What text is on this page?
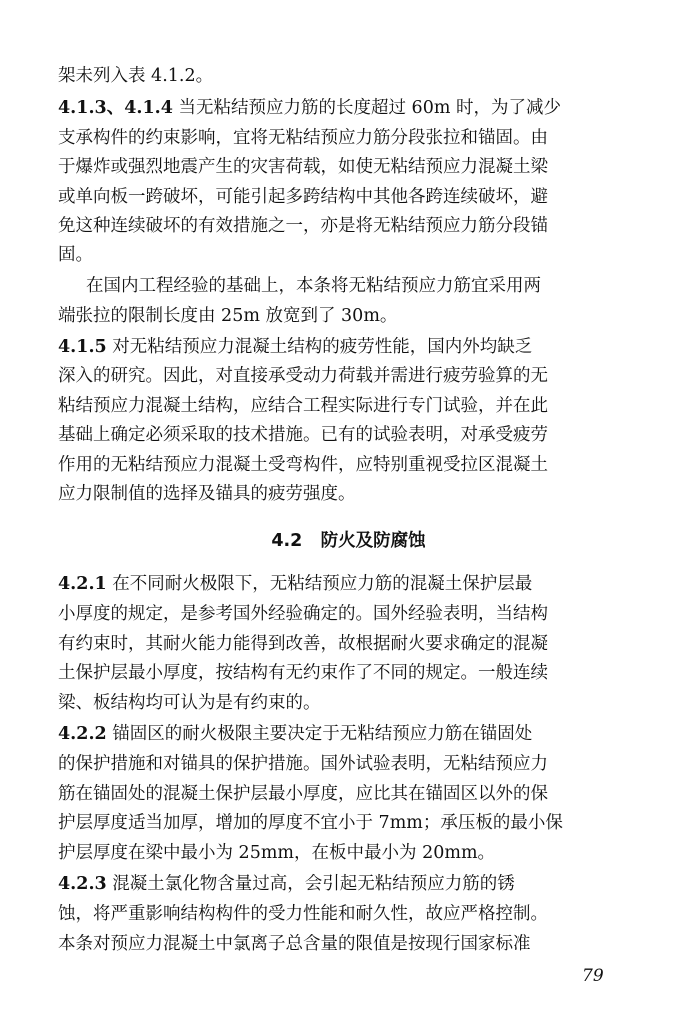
架未列入表 4.1.2。
4.1.3、4.1.4 当无粘结预应力筋的长度超过 60m 时，为了减少
支承构件的约束影响，宜将无粘结预应力筋分段张拉和锚固。由
于爆炸或强烈地震产生的灾害荷载，如使无粘结预应力混凝土梁
或单向板一跨破坏，可能引起多跨结构中其他各跨连续破坏，避
免这种连续破坏的有效措施之一，亦是将无粘结预应力筋分段锚
固。
在国内工程经验的基础上，本条将无粘结预应力筋宜采用两
端张拉的限制长度由 25m 放宽到了 30m。
4.1.5 对无粘结预应力混凝土结构的疲劳性能，国内外均缺乏
深入的研究。因此，对直接承受动力荷载并需进行疲劳验算的无
粘结预应力混凝土结构，应结合工程实际进行专门试验，并在此
基础上确定必须采取的技术措施。已有的试验表明，对承受疲劳
作用的无粘结预应力混凝土受弯构件，应特别重视受拉区混凝土
应力限制值的选择及锚具的疲劳强度。
4.2 防火及防腐蚀
4.2.1 在不同耐火极限下，无粘结预应力筋的混凝土保护层最
小厚度的规定，是参考国外经验确定的。国外经验表明，当结构
有约束时，其耐火能力能得到改善，故根据耐火要求确定的混凝
土保护层最小厚度，按结构有无约束作了不同的规定。一般连续
梁、板结构均可认为是有约束的。
4.2.2 锚固区的耐火极限主要决定于无粘结预应力筋在锚固处
的保护措施和对锚具的保护措施。国外试验表明，无粘结预应力
筋在锚固处的混凝土保护层最小厚度，应比其在锚固区以外的保
护层厚度适当加厚，增加的厚度不宜小于 7mm；承压板的最小保
护层厚度在梁中最小为 25mm，在板中最小为 20mm。
4.2.3 混凝土氯化物含量过高，会引起无粘结预应力筋的锈
蚀，将严重影响结构构件的受力性能和耐久性，故应严格控制。
本条对预应力混凝土中氯离子总含量的限值是按现行国家标准
79
